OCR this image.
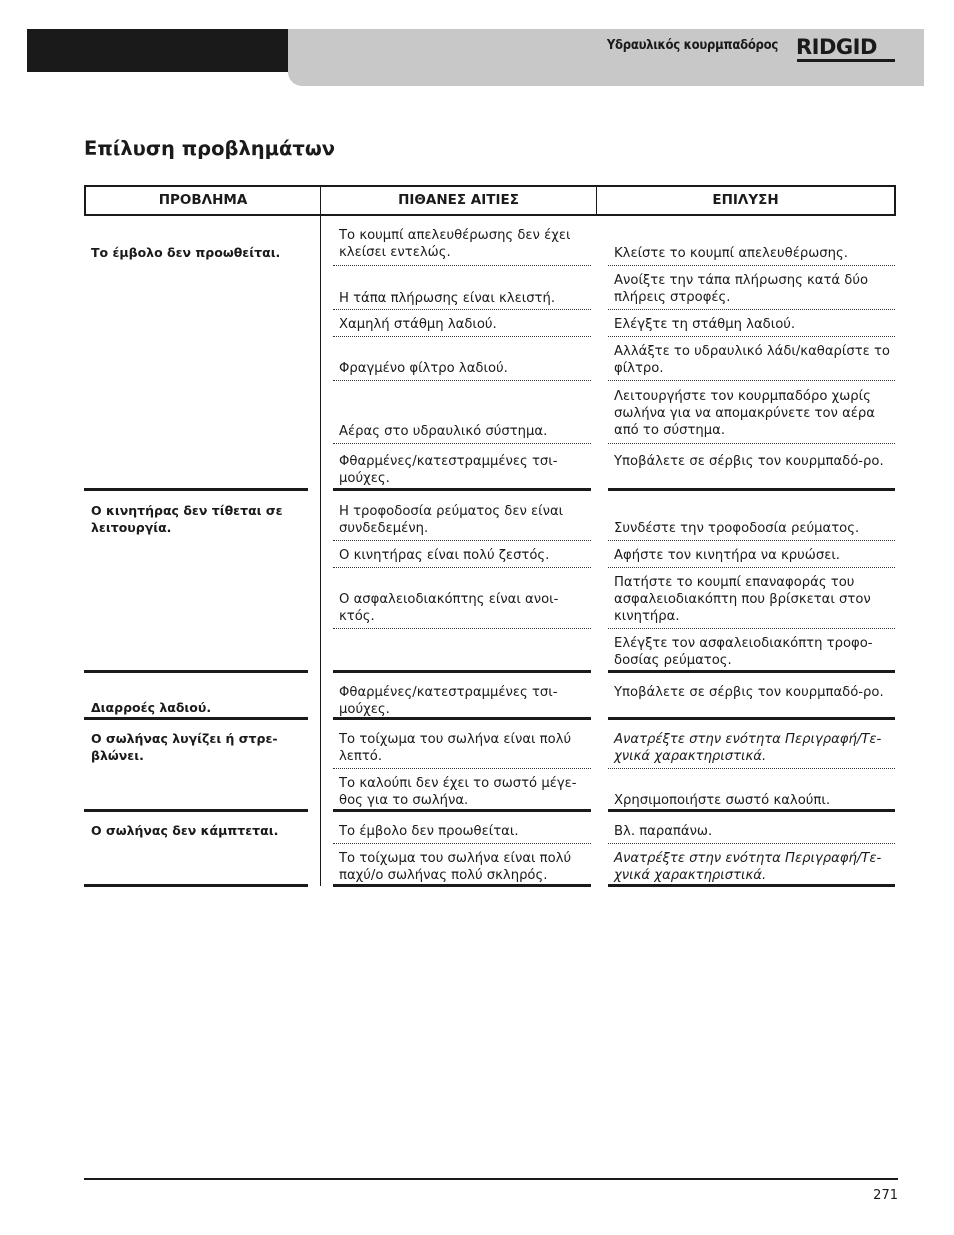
Υδραυλικός κουρμπαδόρος RIDGID
Επίλυση προβλημάτων
ΠΡΟΒΛΗΜΑ	ΠΙΘΑΝΕΣ ΑΙΤΙΕΣ	ΕΠΙΛΥΣΗ
Το έμβολο δεν προωθείται.
Ο κινητήρας δεν τίθεται σε λειτουργία.
Διαρροές λαδιού.
Ο σωλήνας λυγίζει ή στρε-βλώνει.
Ο σωλήνας δεν κάμπτεται.
Το κουμπί απελευθέρωσης δεν έχει κλείσει εντελώς.
Η τάπα πλήρωσης είναι κλειστή.
Χαμηλή στάθμη λαδιού.
Φραγμένο φίλτρο λαδιού.
Αέρας στο υδραυλικό σύστημα.
Φθαρμένες/κατεστραμμένες τσι-μούχες.
Η τροφοδοσία ρεύματος δεν είναι συνδεδεμένη.
Ο κινητήρας είναι πολύ ζεστός.
Ο ασφαλειοδιακόπτης είναι ανοι-κτός.
Φθαρμένες/κατεστραμμένες τσι-μούχες.
Το τοίχωμα του σωλήνα είναι πολύ λεπτό.
Το καλούπι δεν έχει το σωστό μέγε-θος για το σωλήνα.
Το έμβολο δεν προωθείται.
Το τοίχωμα του σωλήνα είναι πολύ παχύ/ο σωλήνας πολύ σκληρός.
Κλείστε το κουμπί απελευθέρωσης.
Ανοίξτε την τάπα πλήρωσης κατά δύο πλήρεις στροφές.
Ελέγξτε τη στάθμη λαδιού.
Αλλάξτε το υδραυλικό λάδι/καθαρίστε το φίλτρο.
Λειτουργήστε τον κουρμπαδόρο χωρίς σωλήνα για να απομακρύνετε τον αέρα από το σύστημα.
Υποβάλετε σε σέρβις τον κουρμπαδό-ρο.
Συνδέστε την τροφοδοσία ρεύματος.
Αφήστε τον κινητήρα να κρυώσει.
Πατήστε το κουμπί επαναφοράς του ασφαλειοδιακόπτη που βρίσκεται στον κινητήρα.
Ελέγξτε τον ασφαλειοδιακόπτη τροφο-δοσίας ρεύματος.
Υποβάλετε σε σέρβις τον κουρμπαδό-ρο.
Ανατρέξτε στην ενότητα Περιγραφή/Τε-χνικά χαρακτηριστικά.
Χρησιμοποιήστε σωστό καλούπι.
Βλ. παραπάνω.
Ανατρέξτε στην ενότητα Περιγραφή/Τε-χνικά χαρακτηριστικά.
271
